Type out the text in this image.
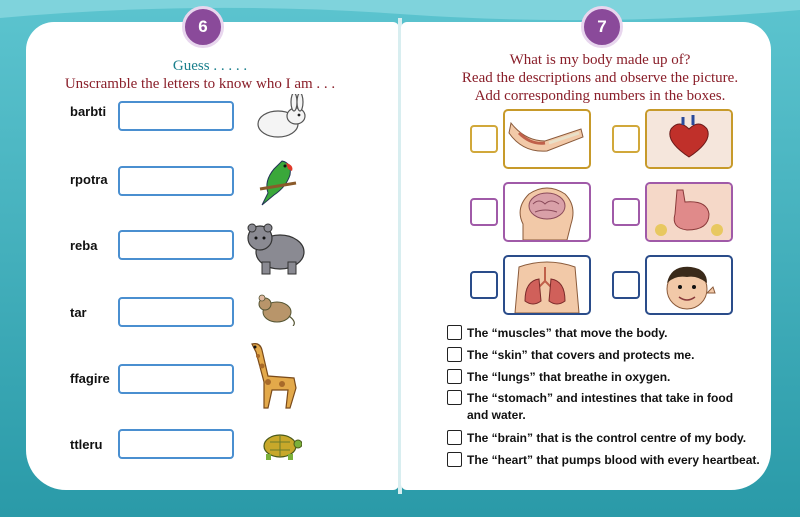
6
Guess . . . . .
Unscramble the letters to know who I am . . .
barbti
rpotra
reba
tar
ffagire
ttleru
7
What is my body made up of?
Read the descriptions and observe the picture.
Add corresponding numbers in the boxes.
The “muscles” that move the body.
The “skin” that covers and protects me.
The “lungs” that breathe in oxygen.
The “stomach” and intestines that take in food and water.
The “brain” that is the control centre of my body.
The “heart” that pumps blood with every heartbeat.
